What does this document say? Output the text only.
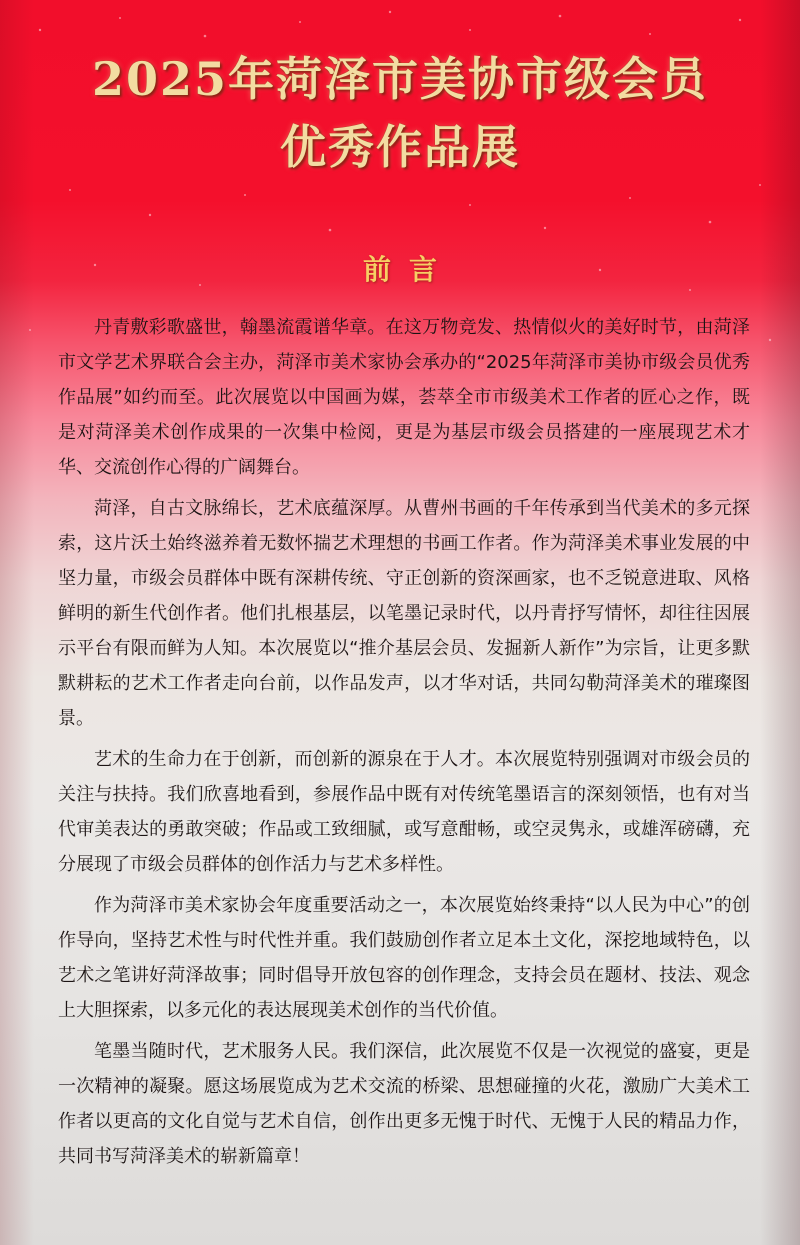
2025年菏泽市美协市级会员
优秀作品展
前言

丹青敷彩歌盛世，翰墨流霞谱华章。在这万物竞发、热情似火的美好时节，由菏泽市文学艺术界联合会主办，菏泽市美术家协会承办的“2025年菏泽市美协市级会员优秀作品展”如约而至。此次展览以中国画为媒，荟萃全市市级美术工作者的匠心之作，既是对菏泽美术创作成果的一次集中检阅，更是为基层市级会员搭建的一座展现艺术才华、交流创作心得的广阔舞台。

菏泽，自古文脉绵长，艺术底蕴深厚。从曹州书画的千年传承到当代美术的多元探索，这片沃土始终滋养着无数怀揣艺术理想的书画工作者。作为菏泽美术事业发展的中坚力量，市级会员群体中既有深耕传统、守正创新的资深画家，也不乏锐意进取、风格鲜明的新生代创作者。他们扎根基层，以笔墨记录时代，以丹青抒写情怀，却往往因展示平台有限而鲜为人知。本次展览以“推介基层会员、发掘新人新作”为宗旨，让更多默默耕耘的艺术工作者走向台前，以作品发声，以才华对话，共同勾勒菏泽美术的璀璨图景。

艺术的生命力在于创新，而创新的源泉在于人才。本次展览特别强调对市级会员的关注与扶持。我们欣喜地看到，参展作品中既有对传统笔墨语言的深刻领悟，也有对当代审美表达的勇敢突破；作品或工致细腻，或写意酣畅，或空灵隽永，或雄浑磅礴，充分展现了市级会员群体的创作活力与艺术多样性。

作为菏泽市美术家协会年度重要活动之一，本次展览始终秉持“以人民为中心”的创作导向，坚持艺术性与时代性并重。我们鼓励创作者立足本土文化，深挖地域特色，以艺术之笔讲好菏泽故事；同时倡导开放包容的创作理念，支持会员在题材、技法、观念上大胆探索，以多元化的表达展现美术创作的当代价值。

笔墨当随时代，艺术服务人民。我们深信，此次展览不仅是一次视觉的盛宴，更是一次精神的凝聚。愿这场展览成为艺术交流的桥梁、思想碰撞的火花，激励广大美术工作者以更高的文化自觉与艺术自信，创作出更多无愧于时代、无愧于人民的精品力作，共同书写菏泽美术的崭新篇章！
